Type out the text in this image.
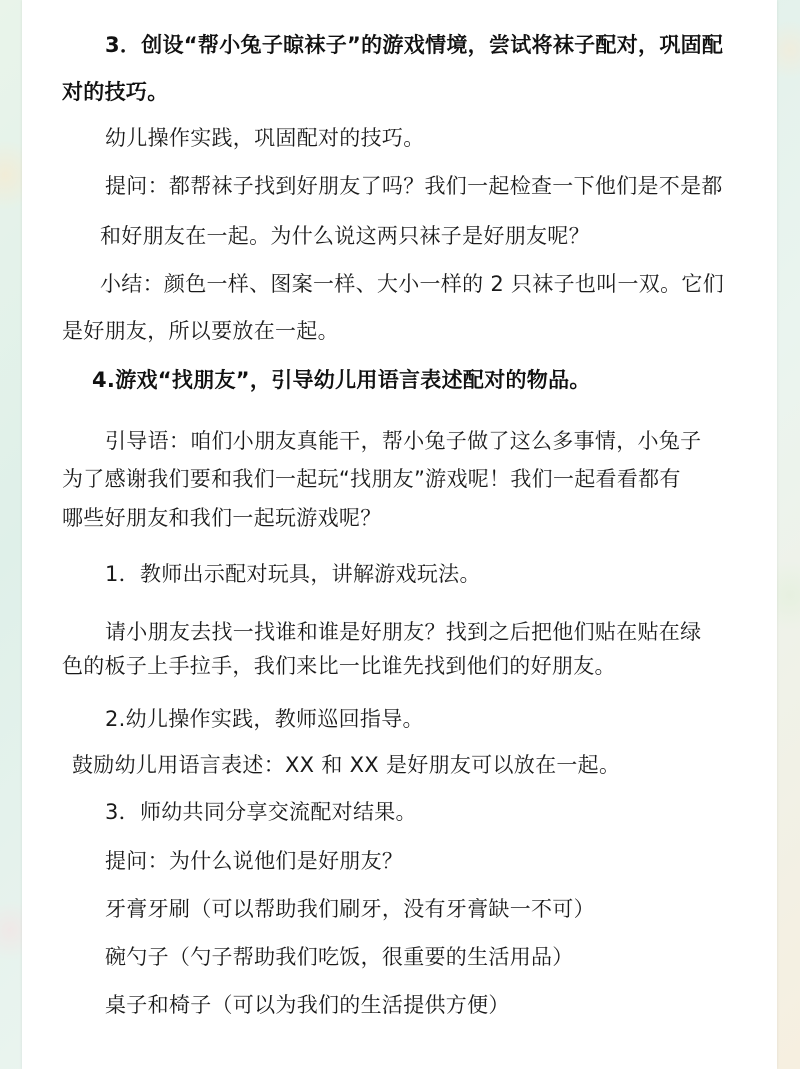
3．创设“帮小兔子晾袜子”的游戏情境，尝试将袜子配对，巩固配
对的技巧。
幼儿操作实践，巩固配对的技巧。
提问：都帮袜子找到好朋友了吗？我们一起检查一下他们是不是都
和好朋友在一起。为什么说这两只袜子是好朋友呢？
小结：颜色一样、图案一样、大小一样的 2 只袜子也叫一双。它们
是好朋友，所以要放在一起。
4.游戏“找朋友”，引导幼儿用语言表述配对的物品。
引导语：咱们小朋友真能干，帮小兔子做了这么多事情，小兔子
为了感谢我们要和我们一起玩“找朋友”游戏呢！我们一起看看都有
哪些好朋友和我们一起玩游戏呢？
1．教师出示配对玩具，讲解游戏玩法。
请小朋友去找一找谁和谁是好朋友？找到之后把他们贴在贴在绿
色的板子上手拉手，我们来比一比谁先找到他们的好朋友。
2.幼儿操作实践，教师巡回指导。
鼓励幼儿用语言表述：XX 和 XX 是好朋友可以放在一起。
3．师幼共同分享交流配对结果。
提问：为什么说他们是好朋友？
牙膏牙刷（可以帮助我们刷牙，没有牙膏缺一不可）
碗勺子（勺子帮助我们吃饭，很重要的生活用品）
桌子和椅子（可以为我们的生活提供方便）
